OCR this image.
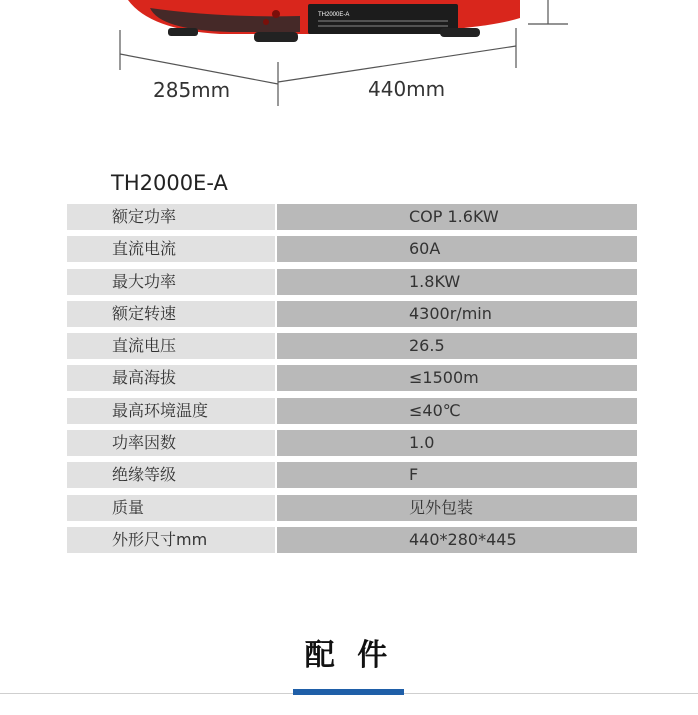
TH2000E-A
285mm	440mm
TH2000E-A
额定功率	COP 1.6KW
直流电流	60A
最大功率	1.8KW
额定转速	4300r/min
直流电压	26.5
最高海拔	≤1500m
最高环境温度	≤40℃
功率因数	1.0
绝缘等级	F
质量	见外包装
外形尺寸mm	440*280*445
配 件
